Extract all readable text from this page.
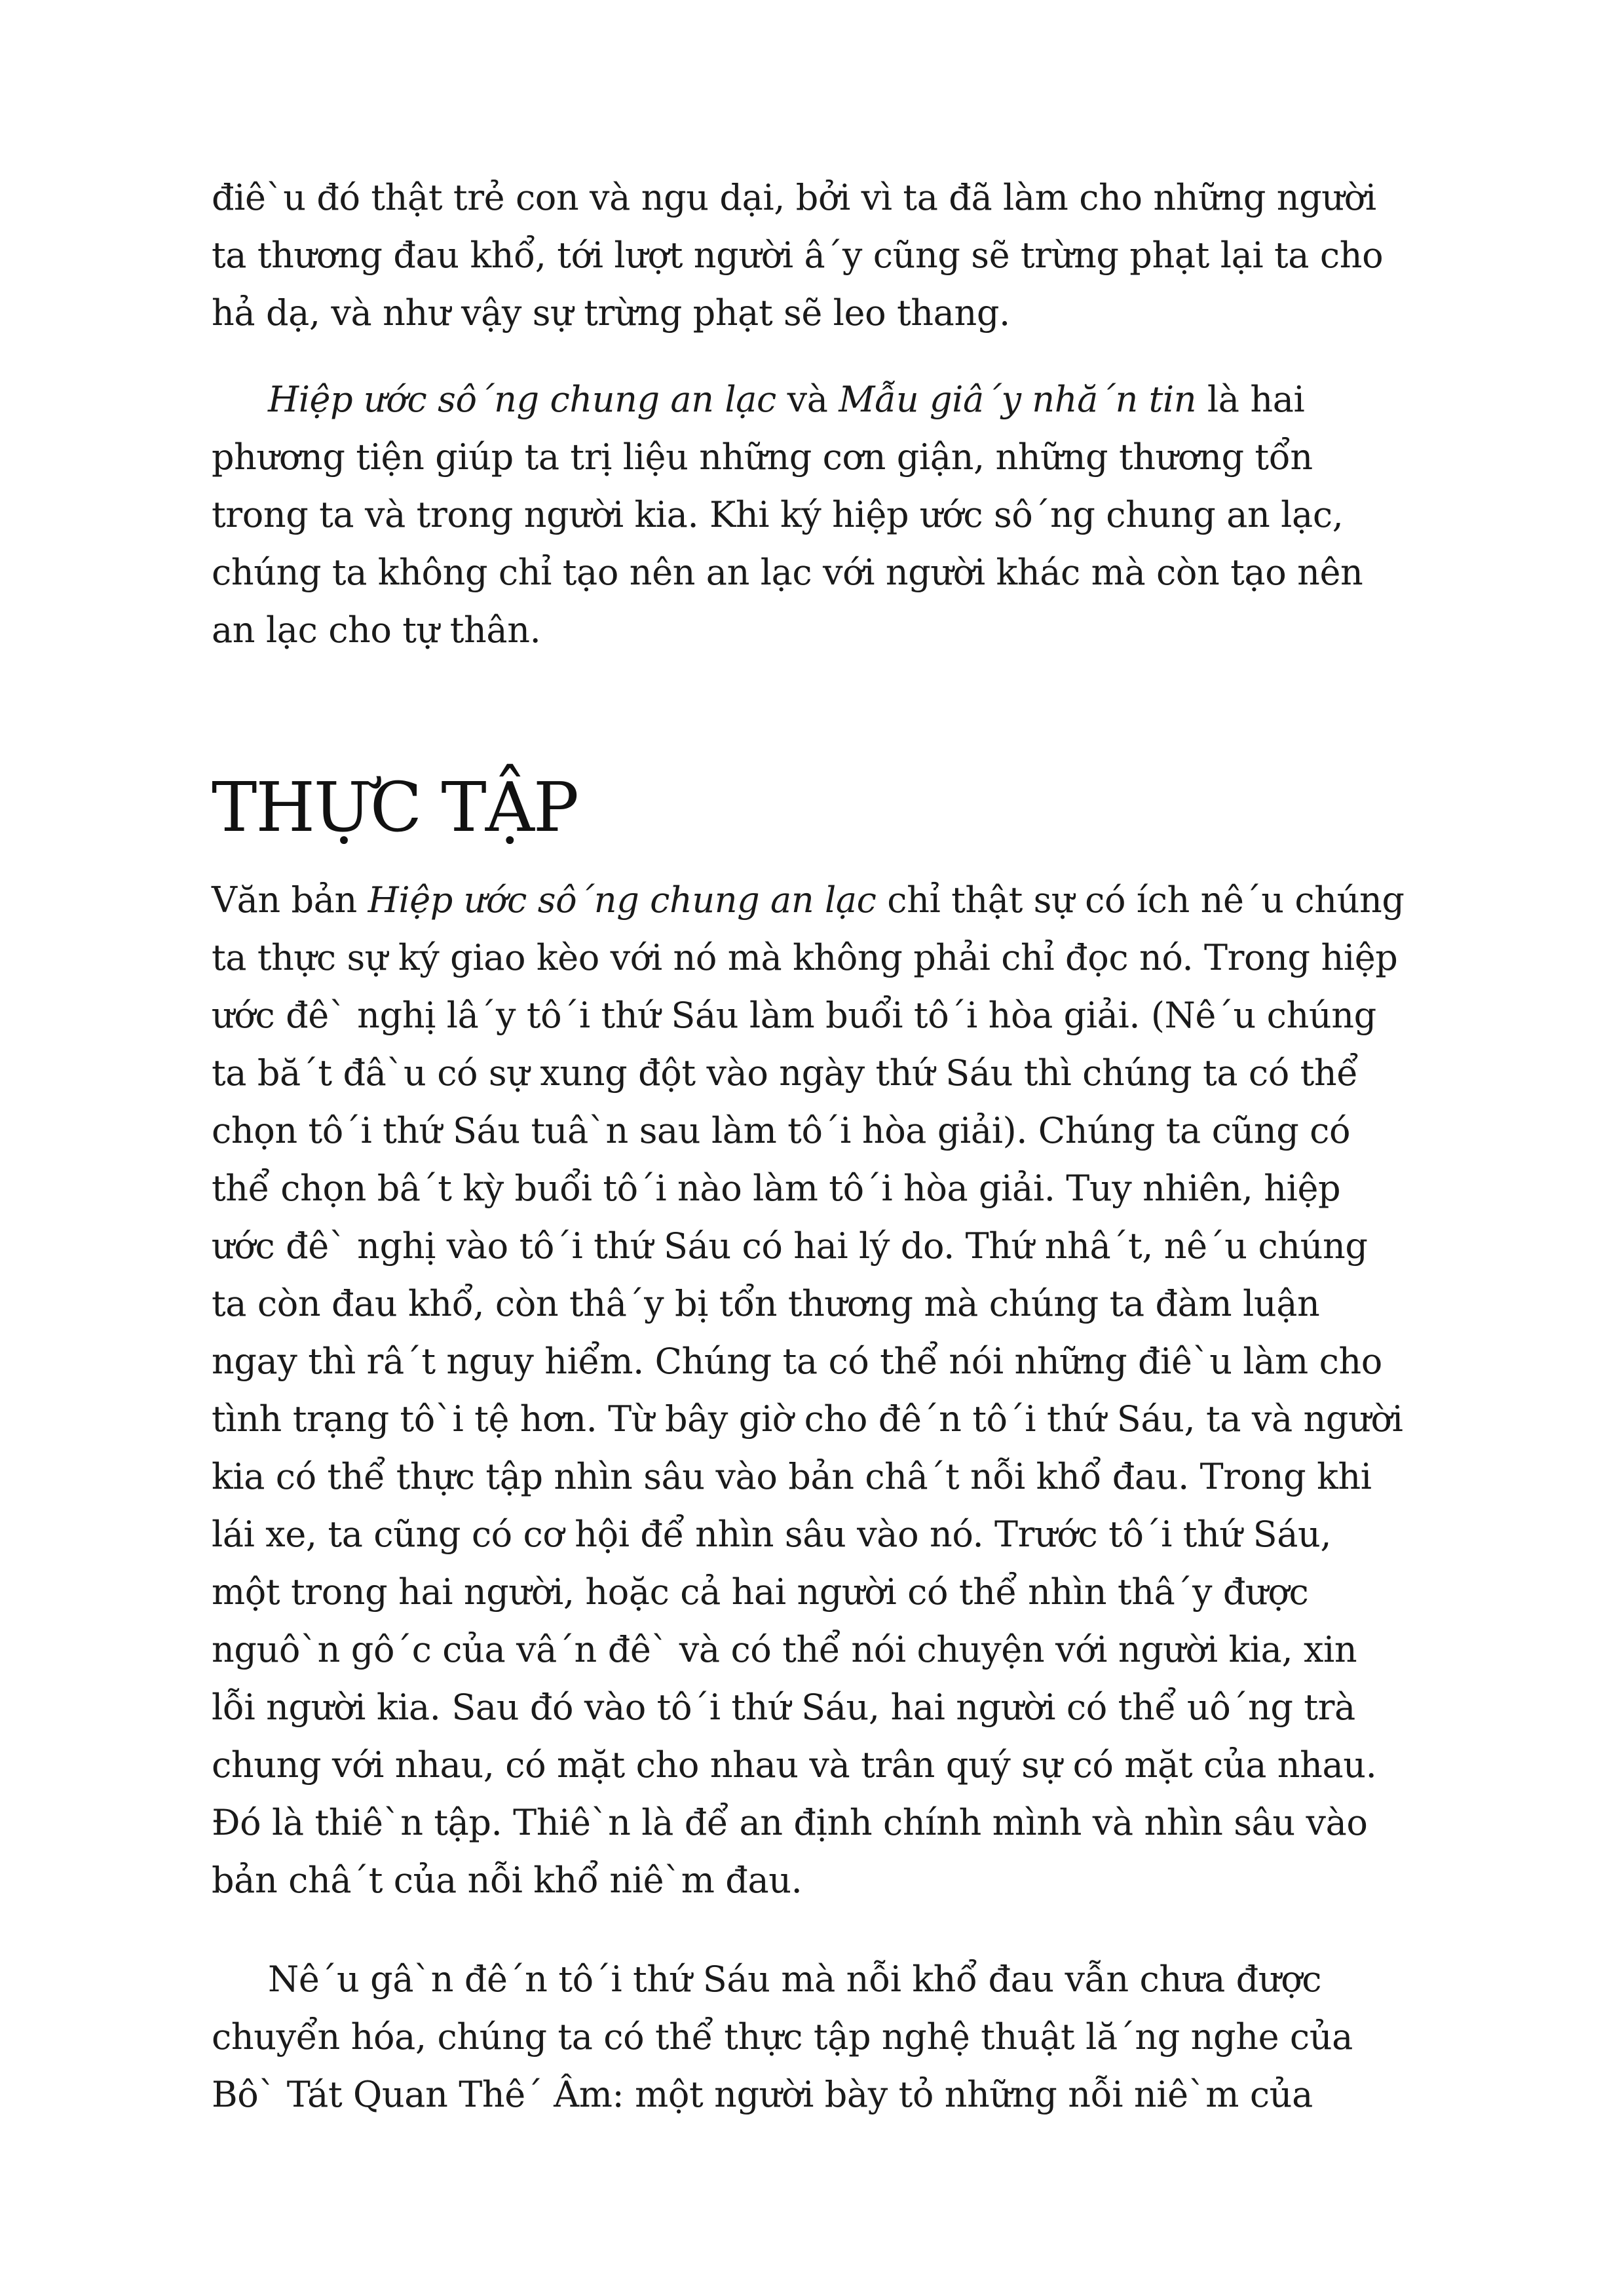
điê`u đó thật trẻ con và ngu dại, bởi vì ta đã làm cho những người
ta thương đau khổ, tới lượt người â´y cũng sẽ trừng phạt lại ta cho
hả dạ, và như vậy sự trừng phạt sẽ leo thang.

Hiệp ước sô´ng chung an lạc và Mẫu giâ´y nhă´n tin là hai
phương tiện giúp ta trị liệu những cơn giận, những thương tổn
trong ta và trong người kia. Khi ký hiệp ước sô´ng chung an lạc,
chúng ta không chỉ tạo nên an lạc với người khác mà còn tạo nên
an lạc cho tự thân.

THỰC TẬP

Văn bản Hiệp ước sô´ng chung an lạc chỉ thật sự có ích nê´u chúng
ta thực sự ký giao kèo với nó mà không phải chỉ đọc nó. Trong hiệp
ước đê` nghị lâ´y tô´i thứ Sáu làm buổi tô´i hòa giải. (Nê´u chúng
ta bă´t đâ`u có sự xung đột vào ngày thứ Sáu thì chúng ta có thể
chọn tô´i thứ Sáu tuâ`n sau làm tô´i hòa giải). Chúng ta cũng có
thể chọn bâ´t kỳ buổi tô´i nào làm tô´i hòa giải. Tuy nhiên, hiệp
ước đê` nghị vào tô´i thứ Sáu có hai lý do. Thứ nhâ´t, nê´u chúng
ta còn đau khổ, còn thâ´y bị tổn thương mà chúng ta đàm luận
ngay thì râ´t nguy hiểm. Chúng ta có thể nói những điê`u làm cho
tình trạng tô`i tệ hơn. Từ bây giờ cho đê´n tô´i thứ Sáu, ta và người
kia có thể thực tập nhìn sâu vào bản châ´t nỗi khổ đau. Trong khi
lái xe, ta cũng có cơ hội để nhìn sâu vào nó. Trước tô´i thứ Sáu,
một trong hai người, hoặc cả hai người có thể nhìn thâ´y được
nguô`n gô´c của vâ´n đê` và có thể nói chuyện với người kia, xin
lỗi người kia. Sau đó vào tô´i thứ Sáu, hai người có thể uô´ng trà
chung với nhau, có mặt cho nhau và trân quý sự có mặt của nhau.
Đó là thiê`n tập. Thiê`n là để an định chính mình và nhìn sâu vào
bản châ´t của nỗi khổ niê`m đau.

Nê´u gâ`n đê´n tô´i thứ Sáu mà nỗi khổ đau vẫn chưa được
chuyển hóa, chúng ta có thể thực tập nghệ thuật lă´ng nghe của
Bô` Tát Quan Thê´ Âm: một người bày tỏ những nỗi niê`m của
